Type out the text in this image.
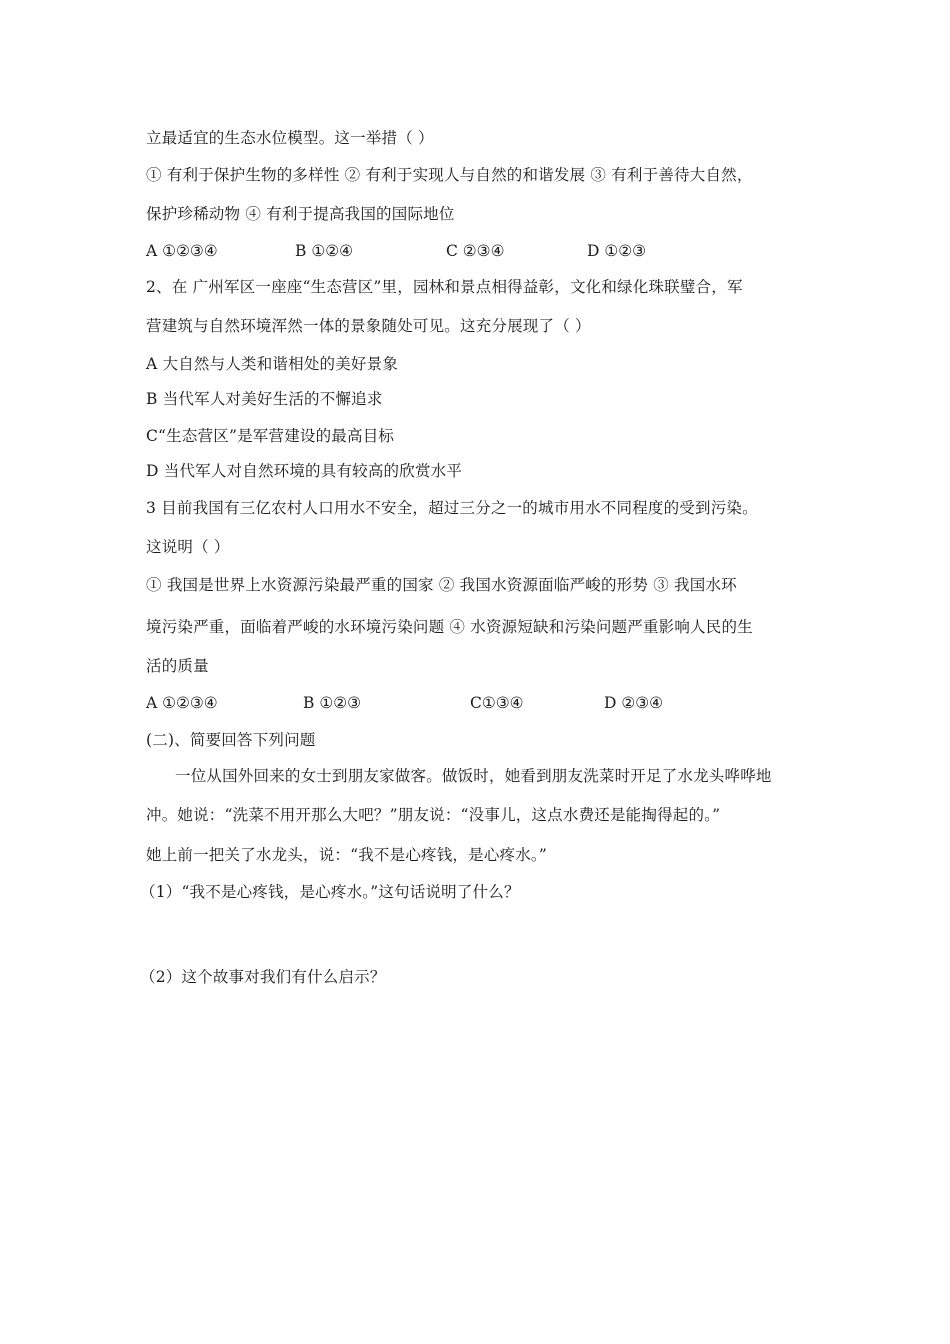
立最适宜的生态水位模型。这一举措（ ）
① 有利于保护生物的多样性 ② 有利于实现人与自然的和谐发展 ③ 有利于善待大自然，
保护珍稀动物 ④ 有利于提高我国的国际地位
A ①②③④	B ①②④	C ②③④	D ①②③
2、在 广州军区一座座“生态营区”里，园林和景点相得益彰，文化和绿化珠联璧合，军
营建筑与自然环境浑然一体的景象随处可见。这充分展现了（ ）
A 大自然与人类和谐相处的美好景象
B 当代军人对美好生活的不懈追求
C“生态营区”是军营建设的最高目标
D 当代军人对自然环境的具有较高的欣赏水平
3 目前我国有三亿农村人口用水不安全，超过三分之一的城市用水不同程度的受到污染。
这说明（ ）
① 我国是世界上水资源污染最严重的国家 ② 我国水资源面临严峻的形势 ③ 我国水环
境污染严重，面临着严峻的水环境污染问题 ④ 水资源短缺和污染问题严重影响人民的生
活的质量
A ①②③④	B ①②③	C①③④	D ②③④
(二)、简要回答下列问题
一位从国外回来的女士到朋友家做客。做饭时，她看到朋友洗菜时开足了水龙头哗哗地
冲。她说：“洗菜不用开那么大吧？”朋友说：“没事儿，这点水费还是能掏得起的。”
她上前一把关了水龙头，说：“我不是心疼钱，是心疼水。”
（1）“我不是心疼钱，是心疼水。”这句话说明了什么？
（2）这个故事对我们有什么启示？
